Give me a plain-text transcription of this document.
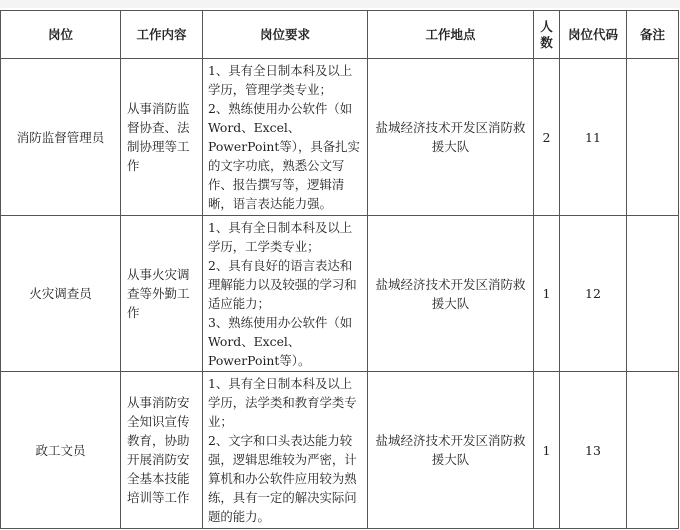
岗位	工作内容	岗位要求	工作地点	人数	岗位代码	备注
消防监督管理员	从事消防监督协查、法制协理等工作	1、具有全日制本科及以上学历，管理学类专业；
2、熟练使用办公软件（如Word、Excel、PowerPoint等），具备扎实的文字功底，熟悉公文写作、报告撰写等，逻辑清晰，语言表达能力强。	盐城经济技术开发区消防救援大队	2	11	
火灾调查员	从事火灾调查等外勤工作	1、具有全日制本科及以上学历，工学类专业；
2、具有良好的语言表达和理解能力以及较强的学习和适应能力；
3、熟练使用办公软件（如Word、Excel、PowerPoint等）。	盐城经济技术开发区消防救援大队	1	12	
政工文员	从事消防安全知识宣传教育，协助开展消防安全基本技能培训等工作	1、具有全日制本科及以上学历，法学类和教育学类专业；
2、文字和口头表达能力较强，逻辑思维较为严密，计算机和办公软件应用较为熟练，具有一定的解决实际问题的能力。	盐城经济技术开发区消防救援大队	1	13	
